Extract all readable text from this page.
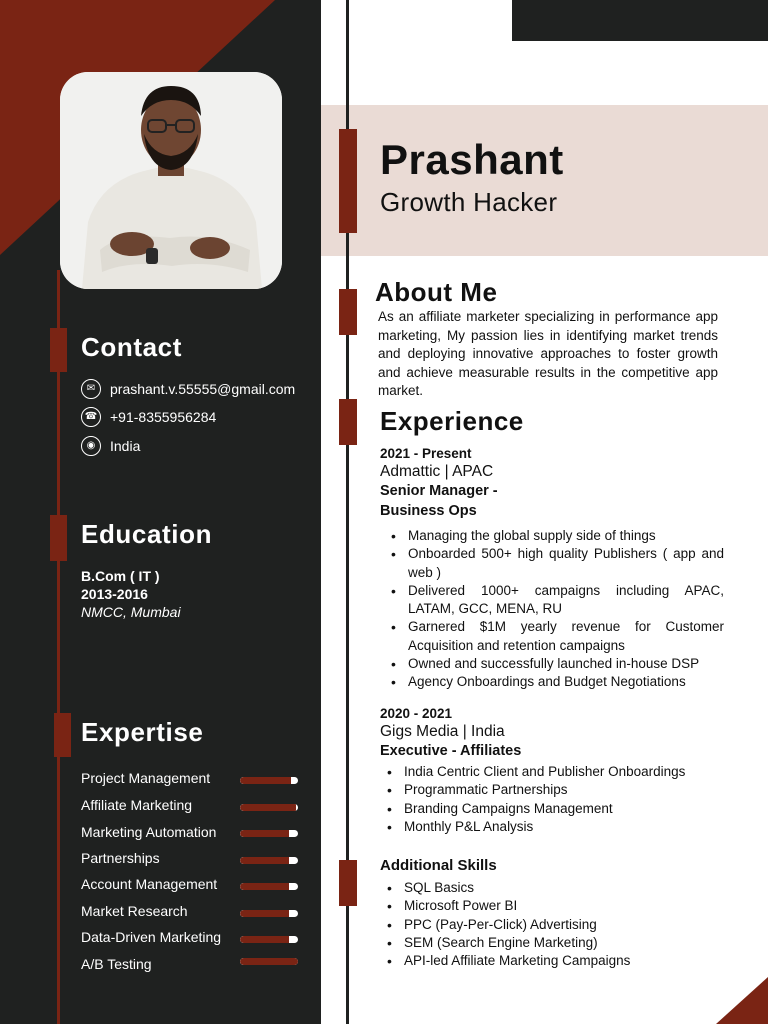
Contact
✉	prashant.v.55555@gmail.com
☎ +91-8355956284
◉	India
Education
B.Com ( IT )
2013-2016
NMCC, Mumbai
Expertise
Project Management
Affiliate Marketing
Marketing Automation
Partnerships
Account Management
Market Research
Data-Driven Marketing
A/B Testing
Prashant
Growth Hacker
About Me
As an affiliate marketer specializing in performance app marketing, My passion lies in identifying market trends and deploying innovative approaches to foster growth and achieve measurable results in the competitive app market.
Experience
2021 - Present
Admattic | APAC
Senior Manager - Business Ops
• Managing the global supply side of things
• Onboarded 500+ high quality Publishers ( app and web )
• Delivered 1000+ campaigns including APAC, LATAM, GCC, MENA, RU
• Garnered $1M yearly revenue for Customer Acquisition and retention campaigns
• Owned and successfully launched in-house DSP
• Agency Onboardings and Budget Negotiations
2020 - 2021
Gigs Media | India
Executive - Affiliates
• India Centric Client and Publisher Onboardings
• Programmatic Partnerships
• Branding Campaigns Management
• Monthly P&L Analysis
Additional Skills
• SQL Basics
• Microsoft Power BI
• PPC (Pay-Per-Click) Advertising
• SEM (Search Engine Marketing)
• API-led Affiliate Marketing Campaigns
